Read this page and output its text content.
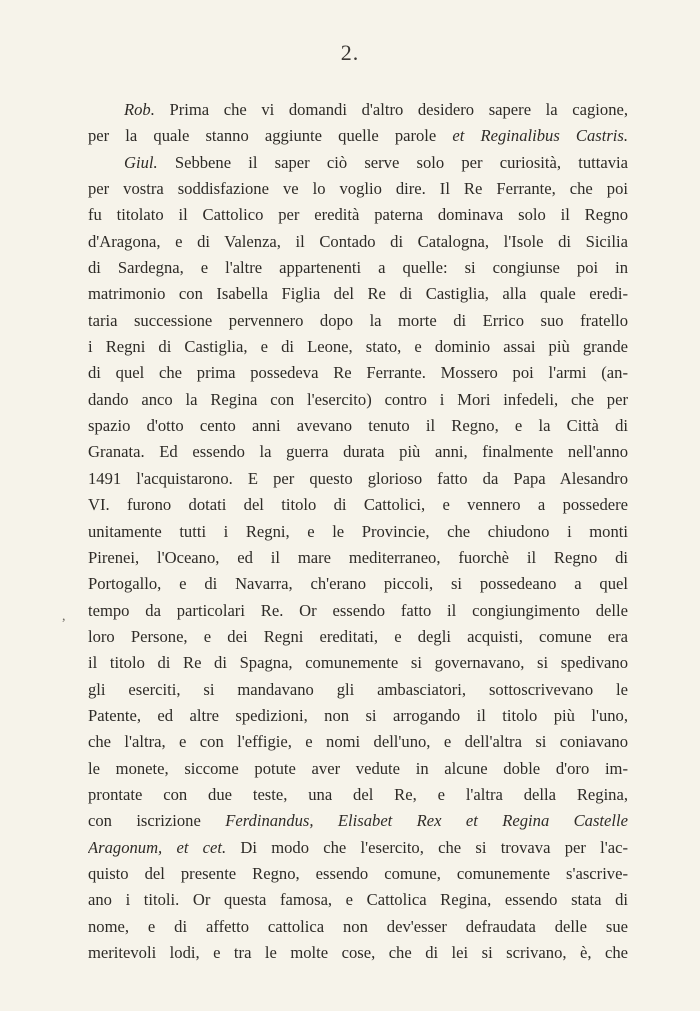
2.
,
Rob. Prima che vi domandi d'altro desidero sapere la cagione,
per la quale stanno aggiunte quelle parole et Reginalibus Castris.
Giul. Sebbene il saper ciò serve solo per curiosità, tuttavia
per vostra soddisfazione ve lo voglio dire. Il Re Ferrante, che poi
fu titolato il Cattolico per eredità paterna dominava solo il Regno
d'Aragona, e di Valenza, il Contado di Catalogna, l'Isole di Sicilia
di Sardegna, e l'altre appartenenti a quelle: si congiunse poi in
matrimonio con Isabella Figlia del Re di Castiglia, alla quale eredi-
taria successione pervennero dopo la morte di Errico suo fratello
i Regni di Castiglia, e di Leone, stato, e dominio assai più grande
di quel che prima possedeva Re Ferrante. Mossero poi l'armi (an-
dando anco la Regina con l'esercito) contro i Mori infedeli, che per
spazio d'otto cento anni avevano tenuto il Regno, e la Città di
Granata. Ed essendo la guerra durata più anni, finalmente nell'anno
1491 l'acquistarono. E per questo glorioso fatto da Papa Alesandro
VI. furono dotati del titolo di Cattolici, e vennero a possedere
unitamente tutti i Regni, e le Provincie, che chiudono i monti
Pirenei, l'Oceano, ed il mare mediterraneo, fuorchè il Regno di
Portogallo, e di Navarra, ch'erano piccoli, si possedeano a quel
tempo da particolari Re. Or essendo fatto il congiungimento delle
loro Persone, e dei Regni ereditati, e degli acquisti, comune era
il titolo di Re di Spagna, comunemente si governavano, si spedivano
gli eserciti, si mandavano gli ambasciatori, sottoscrivevano le
Patente, ed altre spedizioni, non si arrogando il titolo più l'uno,
che l'altra, e con l'effigie, e nomi dell'uno, e dell'altra si coniavano
le monete, siccome potute aver vedute in alcune doble d'oro im-
prontate con due teste, una del Re, e l'altra della Regina,
con iscrizione Ferdinandus, Elisabet Rex et Regina Castelle
Aragonum, et cet. Di modo che l'esercito, che si trovava per l'ac-
quisto del presente Regno, essendo comune, comunemente s'ascrive-
ano i titoli. Or questa famosa, e Cattolica Regina, essendo stata di
nome, e di affetto cattolica non dev'esser defraudata delle sue
meritevoli lodi, e tra le molte cose, che di lei si scrivano, è, che
